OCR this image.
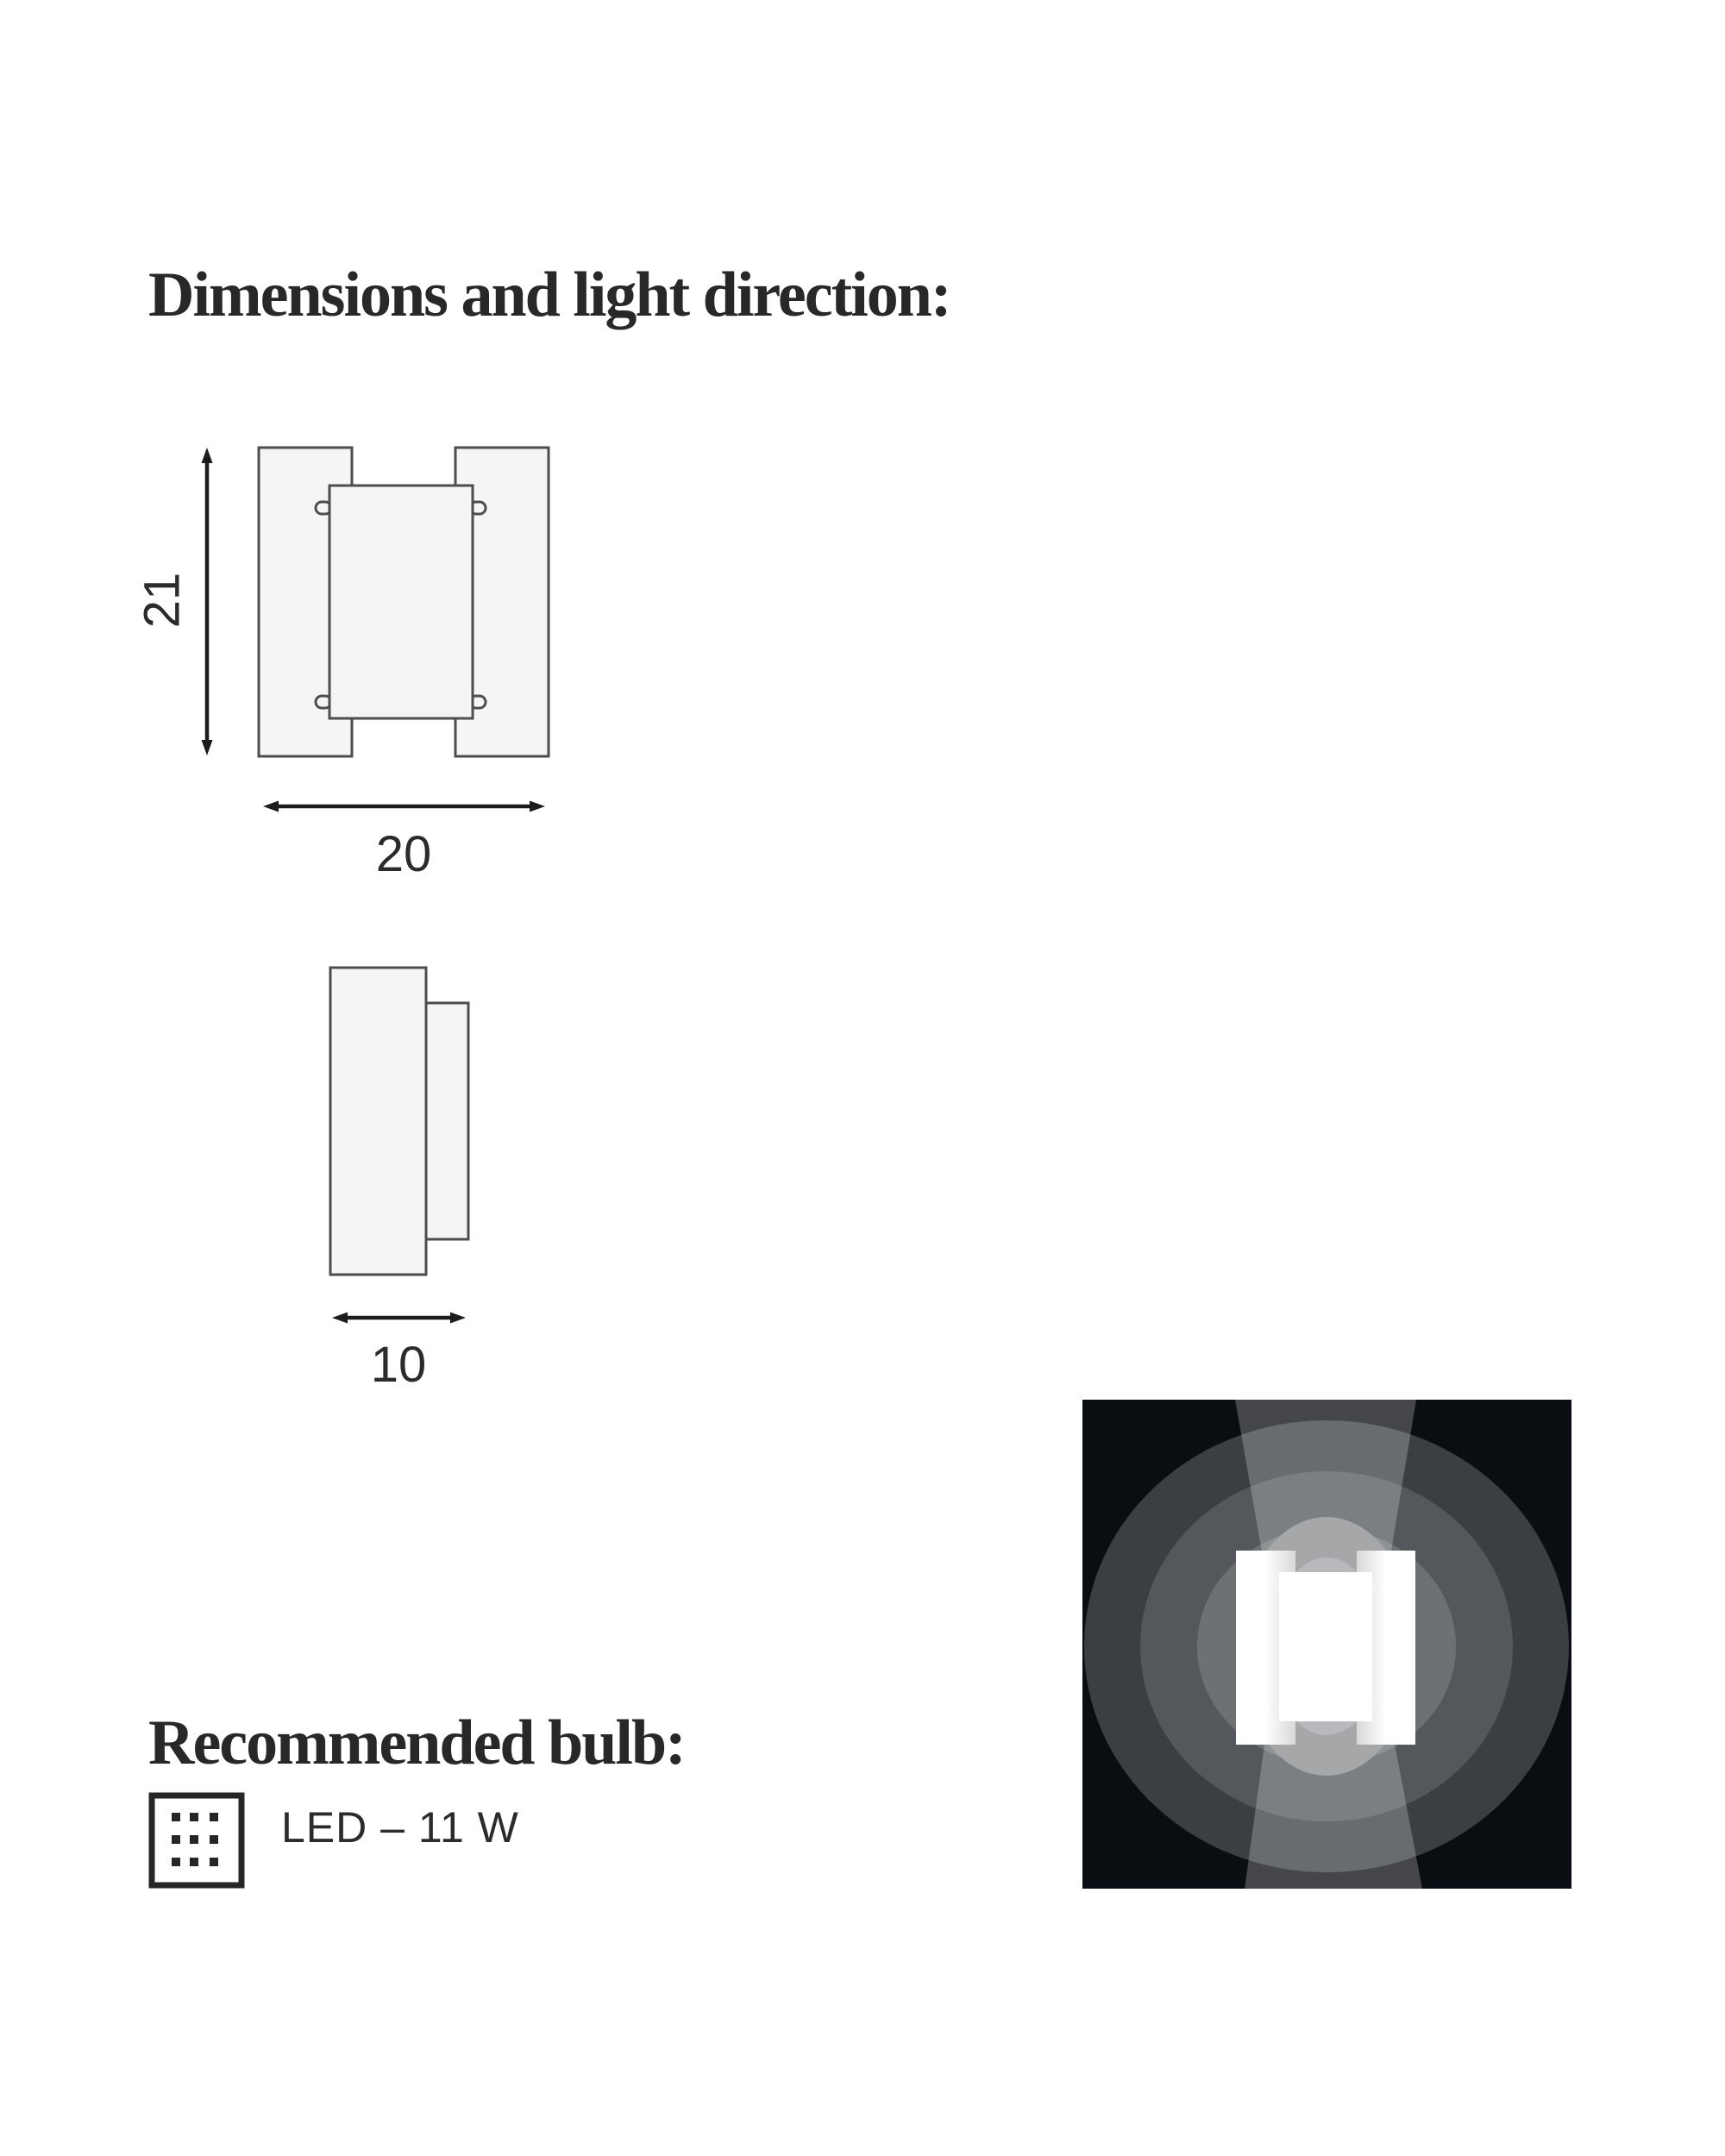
Dimensions and light direction:
Recommended bulb:
21
20
10
LED – 11 W
